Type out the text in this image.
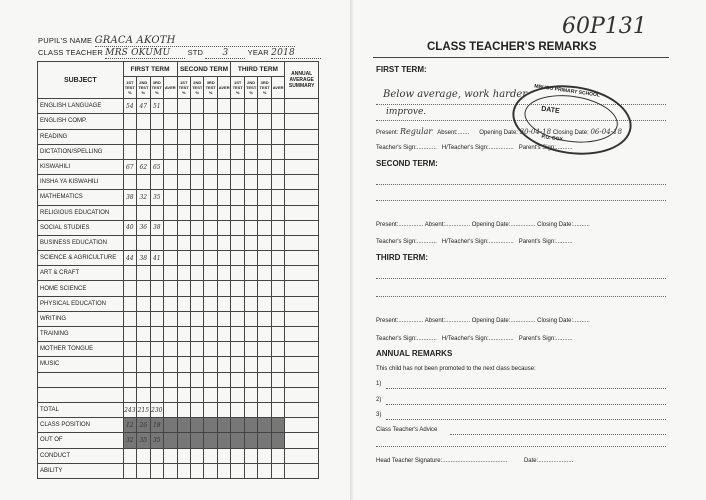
PUPIL'S NAME GRACA AKOTH
CLASS TEACHER MRS OKUMU STD 3	YEAR 2018
SUBJECT	FIRST TERM				SECOND TERM				THIRD TERM				ANNUAL AVERAGE SUMMARY
	1ST TEST %	2ND TEST %	3RD TEST %	AVER	1ST TEST %	2ND TEST %	3RD TEST %	AVER	1ST TEST %	2ND TEST %	3RD TEST %	AVER	
ENGLISH LANGUAGE	54	47	51										
ENGLISH COMP.													
READING													
DICTATION/SPELLING													
KISWAHILI	67	62	65										
INSHA YA KISWAHILI													
MATHEMATICS	38	32	35										
RELIGIOUS EDUCATION													
SOCIAL STUDIES	40	36	38										
BUSINESS EDUCATION													
SCIENCE & AGRICULTURE	44	38	41										
ART & CRAFT													
HOME SCIENCE													
PHYSICAL EDUCATION													
WRITING													
TRAINING													
MOTHER TONGUE													
MUSIC													

TOTAL	243	215	230										
CLASS POSITION	12	26	18										
OUT OF	32	35	35										
CONDUCT													
ABILITY													
60P131
CLASS TEACHER'S REMARKS
FIRST TERM:
Below average, work harder
improve.
Present: Regular Absent:.......      Opening Date: 30-04-18 Closing Date: 06-04-18
Teacher's Sign:............   H/Teacher's Sign:...............   Parent's Sign:..........
SECOND TERM:
Present:............... Absent:............... Opening Date:............... Closing Date:..........
Teacher's Sign:............   H/Teacher's Sign:...............   Parent's Sign:..........
THIRD TERM:
Present:............... Absent:............... Opening Date:............... Closing Date:..........
Teacher's Sign:............   H/Teacher's Sign:...............   Parent's Sign:..........
ANNUAL REMARKS
This child has not been promoted to the next class because:
1)
2)
3)
Class Teacher's Advice
Head Teacher Signature:.......................................          Date:.....................
MBUGO PRIMARY SCHOOL
DATE
P.O. BOX
